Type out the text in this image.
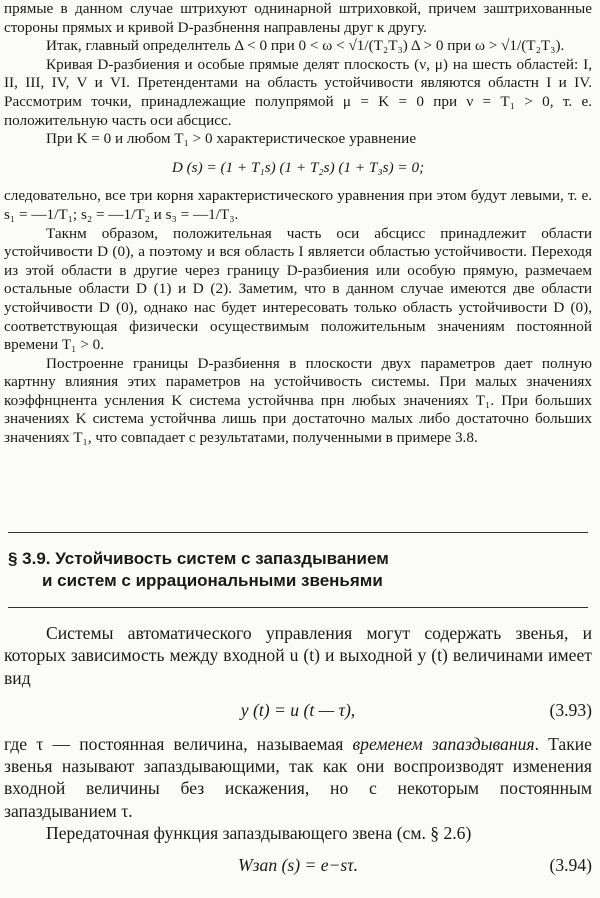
прямые в данном случае штрихуют однинарной штриховкой, причем заштрихованные стороны прямых и кривой D-разбнення направлены друг к другу.

Итак, главный определнтель Δ < 0 при 0 < ω < √1/(T₂T₃) Δ > 0 при ω > √1/(T₂T₃).

Кривая D-разбиения и особые прямые делят плоскость (ν, μ) на шесть областей: I, II, III, IV, V и VI. Претендентами на область устойчивости являются областн I и IV. Рассмотрим точки, принадлежащие полупрямой μ = K = 0 при ν = T₁ > 0, т. е. положительную часть оси абсцисс.

При K = 0 и любом T₁ > 0 характеристическое уравнение

D (s) = (1 + T₁s) (1 + T₂s) (1 + T₃s) = 0;

следовательно, все три корня характеристического уравнения при этом будут левыми, т. е. s₁ = —1/T₁; s₂ = —1/T₂ и s₃ = —1/T₃.

Такнм образом, положительная часть оси абсцисс принадлежит области устойчивости D (0), а поэтому и вся область I являетси областью устойчивости. Переходя из этой области в другие через границу D-разбиения или особую прямую, размечаем остальные области D (1) и D (2). Заметим, что в данном случае имеются две области устойчивости D (0), однако нас будет интересовать только область устойчивости D (0), соответствующая физически осуществимым положительным значениям постоянной времени T₁ > 0.

Построенне границы D-разбиення в плоскости двух параметров дает полную картнну влияния этих параметров на устойчивость системы. При малых значениях коэффнцнента уснления K система устойчнва прн любых значениях T₁. При больших значениях K система устойчнва лишь при достаточно малых либо достаточно больших значениях T₁, что совпадает с результатами, полученными в примере 3.8.

§ 3.9. Устойчивость систем с запаздыванием
и систем с иррациональными звеньями

Системы автоматического управления могут содержать звенья, и которых зависимость между входной u (t) и выходной y (t) величинами имеет вид

y (t) = u (t — τ),	(3.93)

где τ — постоянная величина, называемая временем запаздывания. Такие звенья называют запаздывающими, так как они воспроизводят изменения входной величины без искажения, но с некоторым постоянным запаздыванием τ.

Передаточная функция запаздывающего звена (см. § 2.6)

Wзап (s) = e−sτ.	(3.94)
